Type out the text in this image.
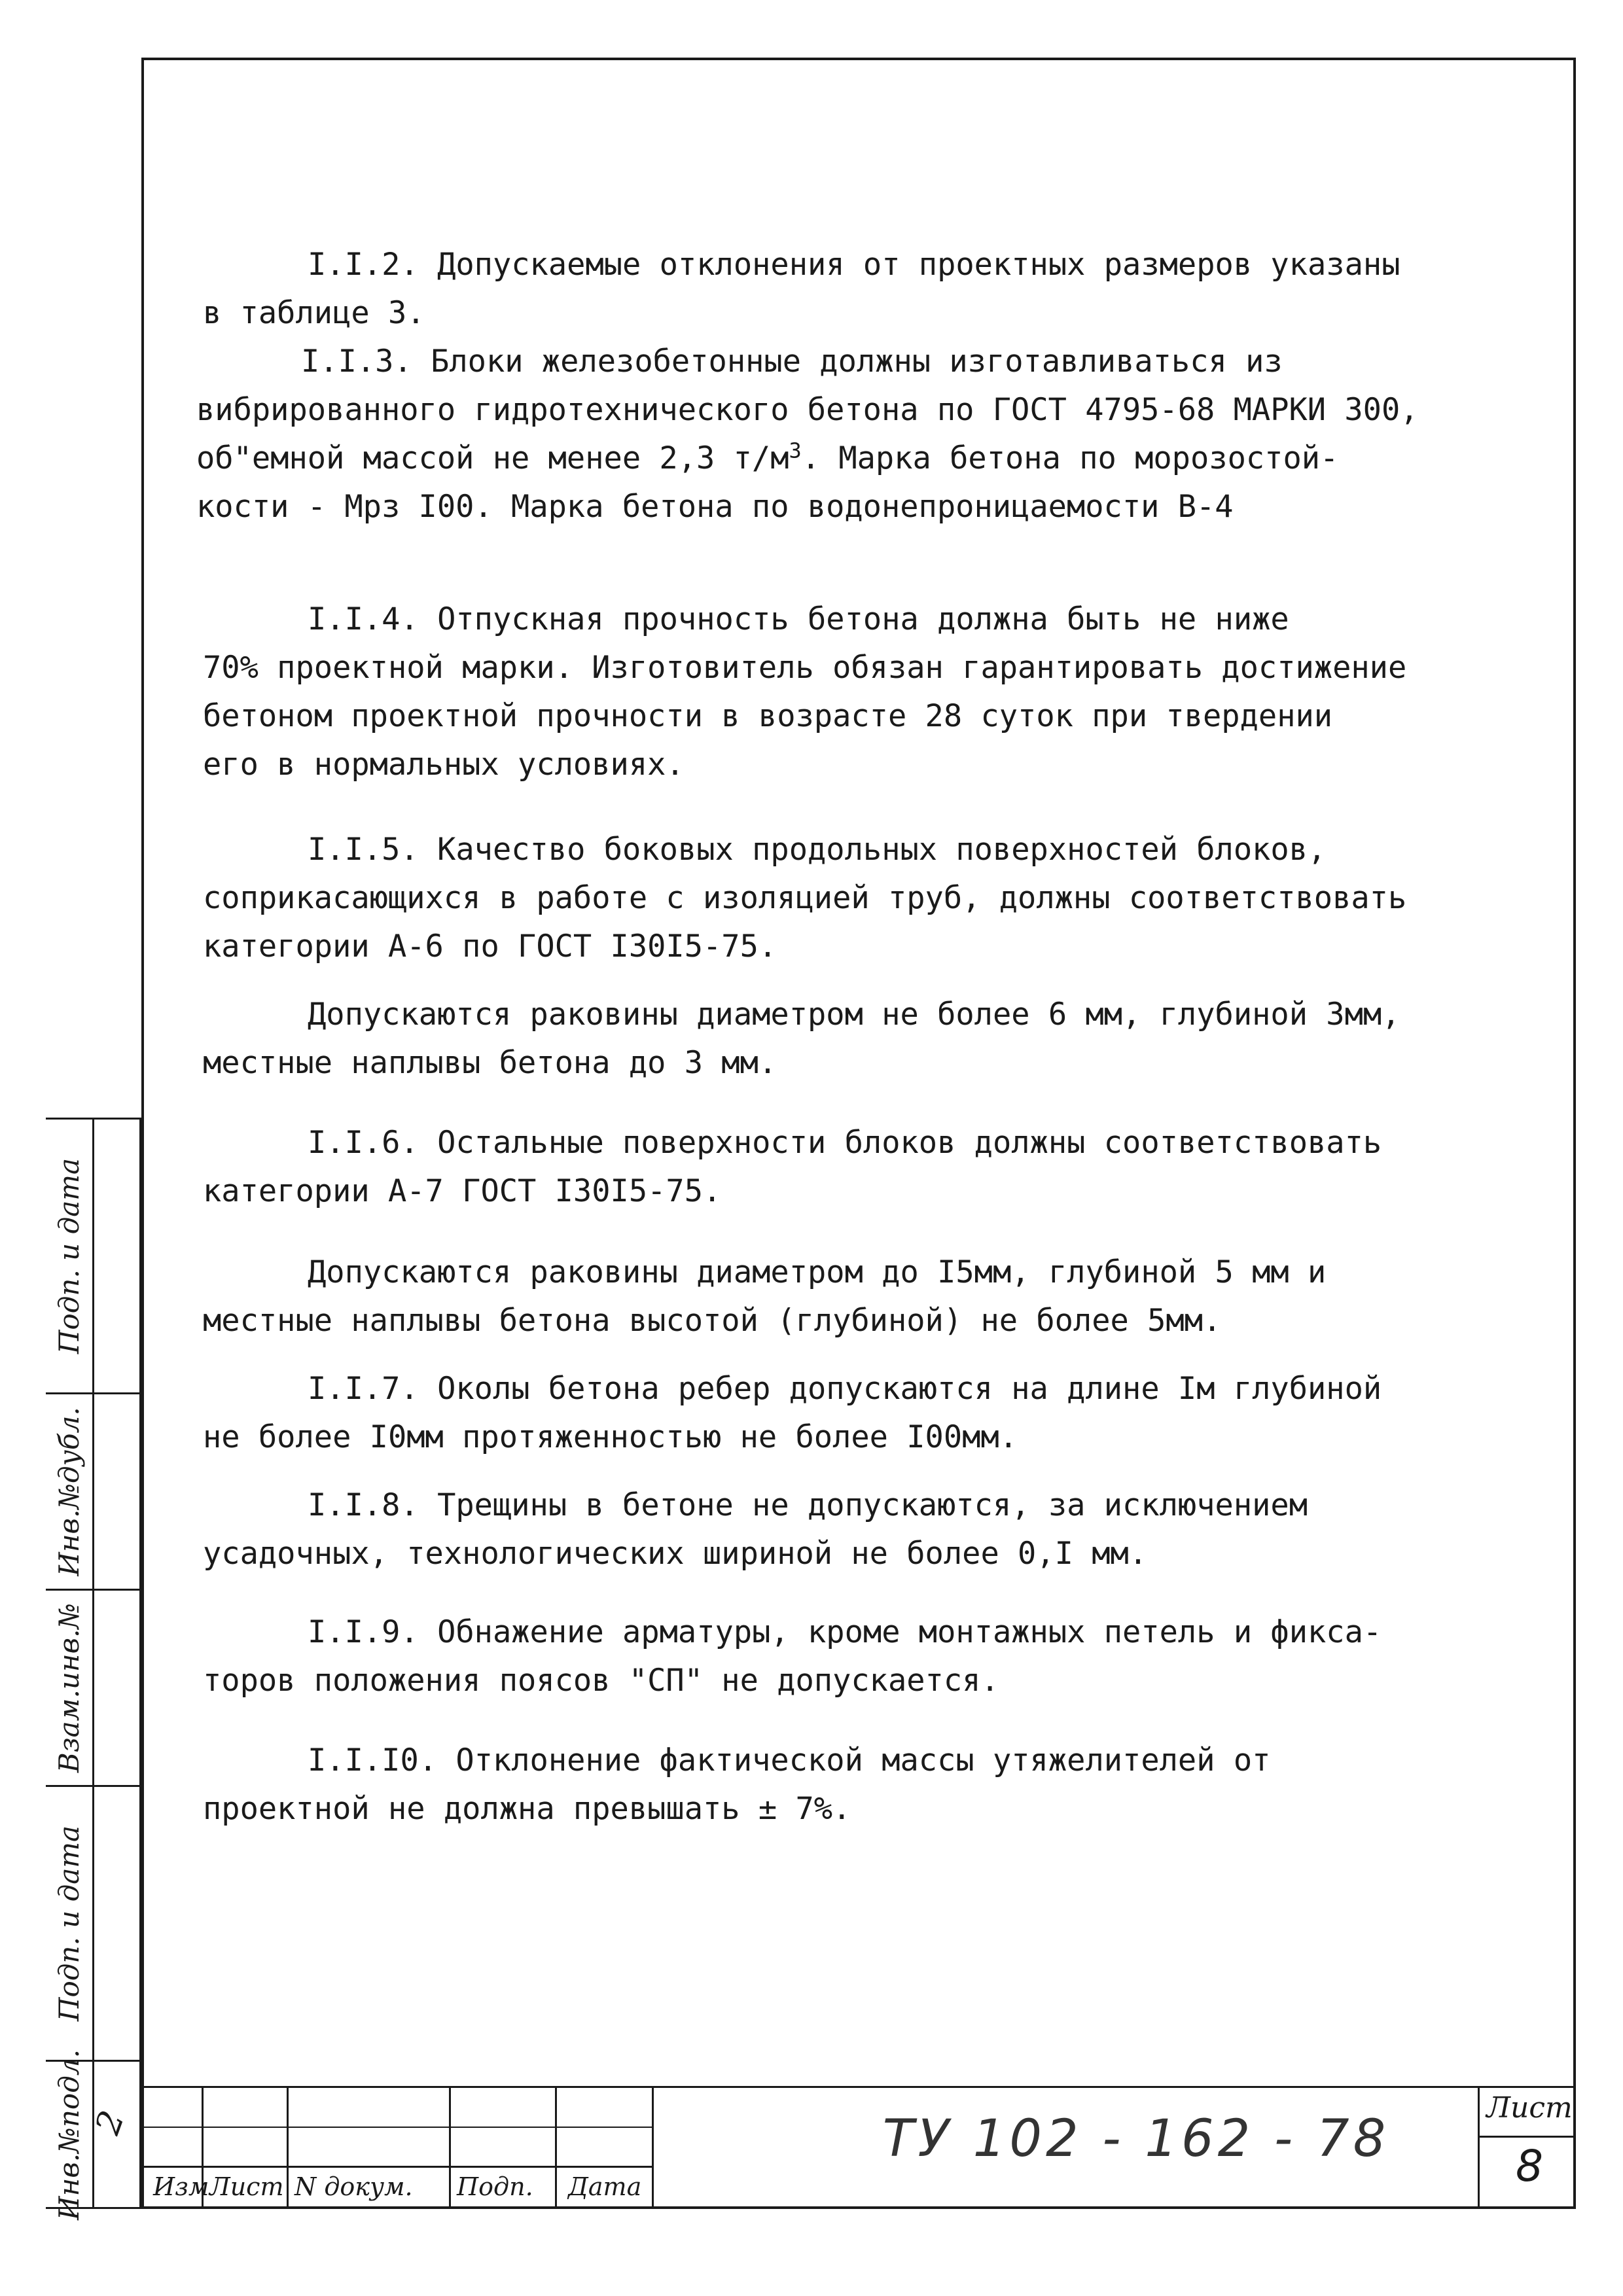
I.I.2. Допускаемые отклонения от проектных размеров указаны
в таблице 3.
I.I.3. Блоки железобетонные должны изготавливаться из
вибрированного гидротехнического бетона по ГОСТ 4795-68 МАРКИ 300,
об"емной массой не менее 2,3 $т/м^3$. Марка бетона по морозостой-
кости - Мрз I00. Марка бетона по водонепроницаемости В-4
I.I.4. Отпускная прочность бетона должна быть не ниже
70% проектной марки. Изготовитель обязан гарантировать достижение
бетоном проектной прочности в возрасте 28 суток при твердении
его в нормальных условиях.
I.I.5. Качество боковых продольных поверхностей блоков,
соприкасающихся в работе с изоляцией труб, должны соответствовать
категории А-6 по ГОСТ I30I5-75.
Допускаются раковины диаметром не более 6 мм, глубиной 3мм,
местные наплывы бетона до 3 мм.
I.I.6. Остальные поверхности блоков должны соответствовать
категории А-7 ГОСТ I30I5-75.
Допускаются раковины диаметром до I5мм, глубиной 5 мм и
местные наплывы бетона высотой (глубиной) не более 5мм.
I.I.7. Околы бетона ребер допускаются на длине Iм глубиной
не более I0мм протяженностью не более I00мм.
I.I.8. Трещины в бетоне не допускаются, за исключением
усадочных, технологических шириной не более 0,I мм.
I.I.9. Обнажение арматуры, кроме монтажных петель и фикса-
торов положения поясов "СП" не допускается.
I.I.I0. Отклонение фактической массы утяжелителей от
проектной не должна превышать ± 7%.
Подп. и дата
Инв.№дубл.
Взам.инв.№
Подп. и дата
Инв.№подл.	Изм Лист N докум. Подп. Дата
ТУ 102 - 162 - 78
Лист
8
2
